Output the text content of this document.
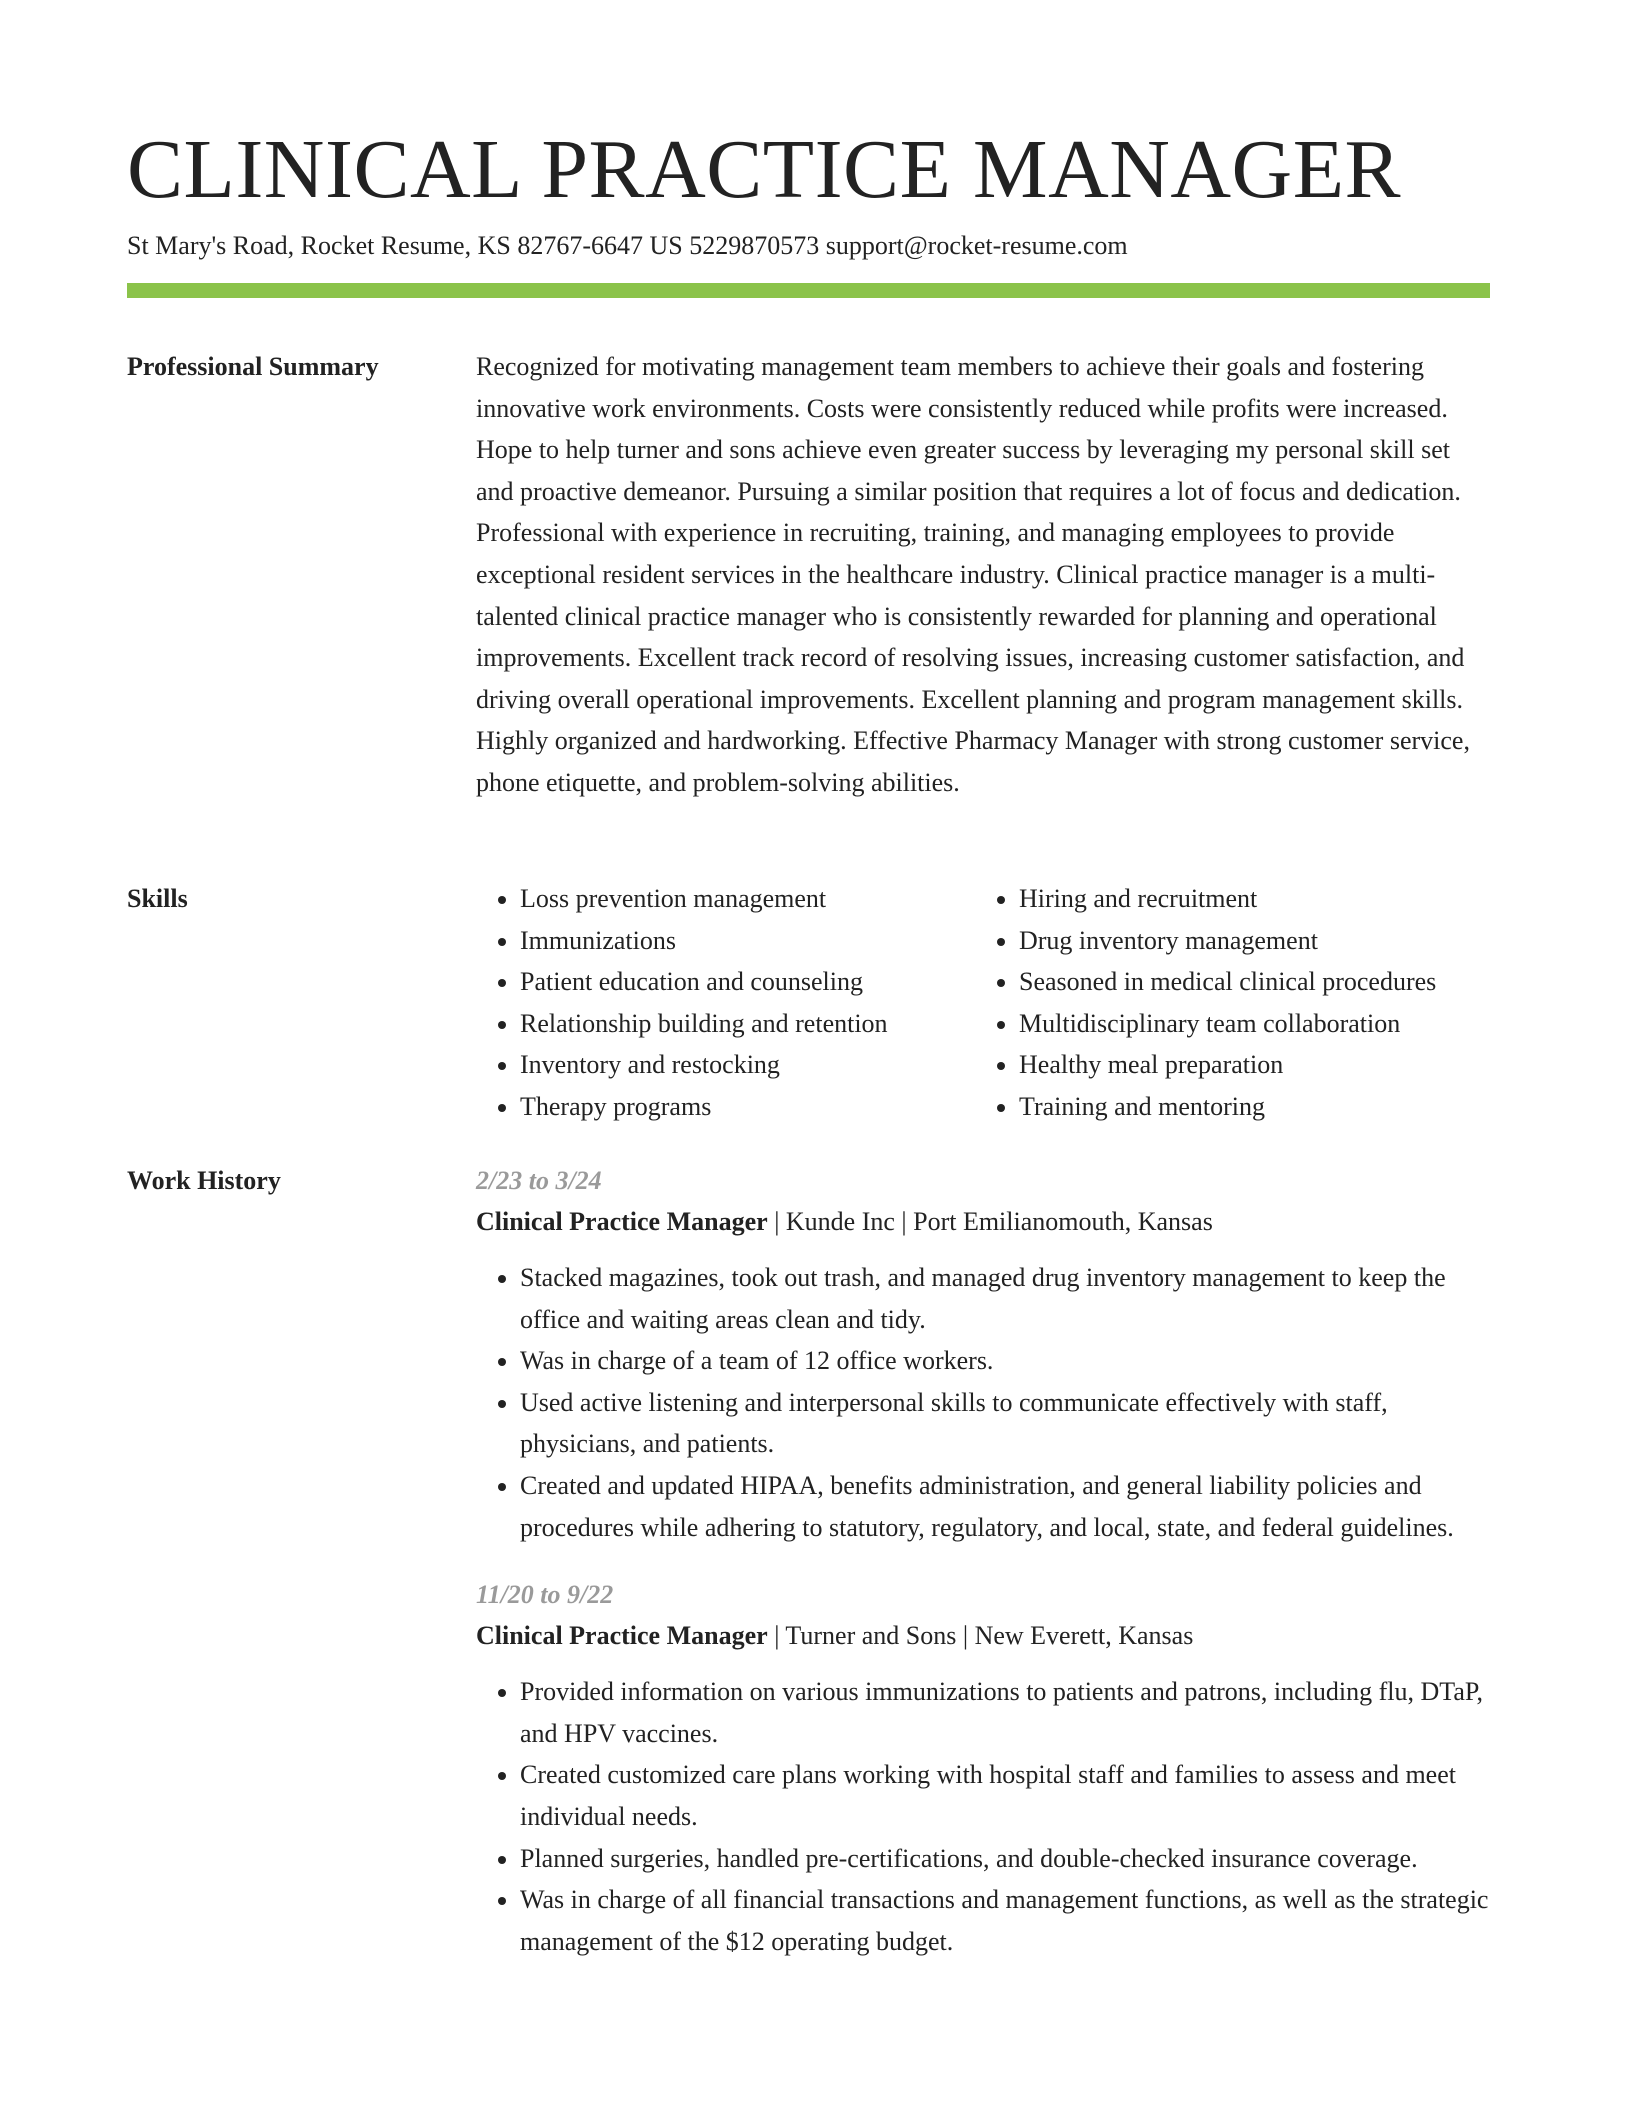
CLINICAL PRACTICE MANAGER
St Mary's Road, Rocket Resume, KS 82767-6647 US 5229870573 support@rocket-resume.com
Professional Summary	Recognized for motivating management team members to achieve their goals and fostering innovative work environments. Costs were consistently reduced while profits were increased. Hope to help turner and sons achieve even greater success by leveraging my personal skill set and proactive demeanor. Pursuing a similar position that requires a lot of focus and dedication. Professional with experience in recruiting, training, and managing employees to provide exceptional resident services in the healthcare industry. Clinical practice manager is a multi-talented clinical practice manager who is consistently rewarded for planning and operational improvements. Excellent track record of resolving issues, increasing customer satisfaction, and driving overall operational improvements. Excellent planning and program management skills. Highly organized and hardworking. Effective Pharmacy Manager with strong customer service, phone etiquette, and problem-solving abilities.

Skills
•	Loss prevention management
• Immunizations
• Patient education and counseling
• Relationship building and retention
• Inventory and restocking
• Therapy programs
• Hiring and recruitment
• Drug inventory management
• Seasoned in medical clinical procedures
• Multidisciplinary team collaboration
• Healthy meal preparation
• Training and mentoring
Work History	2/23 to 3/24
Clinical Practice Manager | Kunde Inc | Port Emilianomouth, Kansas
• Stacked magazines, took out trash, and managed drug inventory management to keep the office and waiting areas clean and tidy.
• Was in charge of a team of 12 office workers.
• Used active listening and interpersonal skills to communicate effectively with staff, physicians, and patients.
• Created and updated HIPAA, benefits administration, and general liability policies and procedures while adhering to statutory, regulatory, and local, state, and federal guidelines.
11/20 to 9/22
Clinical Practice Manager | Turner and Sons | New Everett, Kansas
• Provided information on various immunizations to patients and patrons, including flu, DTaP, and HPV vaccines.
• Created customized care plans working with hospital staff and families to assess and meet individual needs.
• Planned surgeries, handled pre-certifications, and double-checked insurance coverage.
• Was in charge of all financial transactions and management functions, as well as the strategic management of the $12 operating budget.
